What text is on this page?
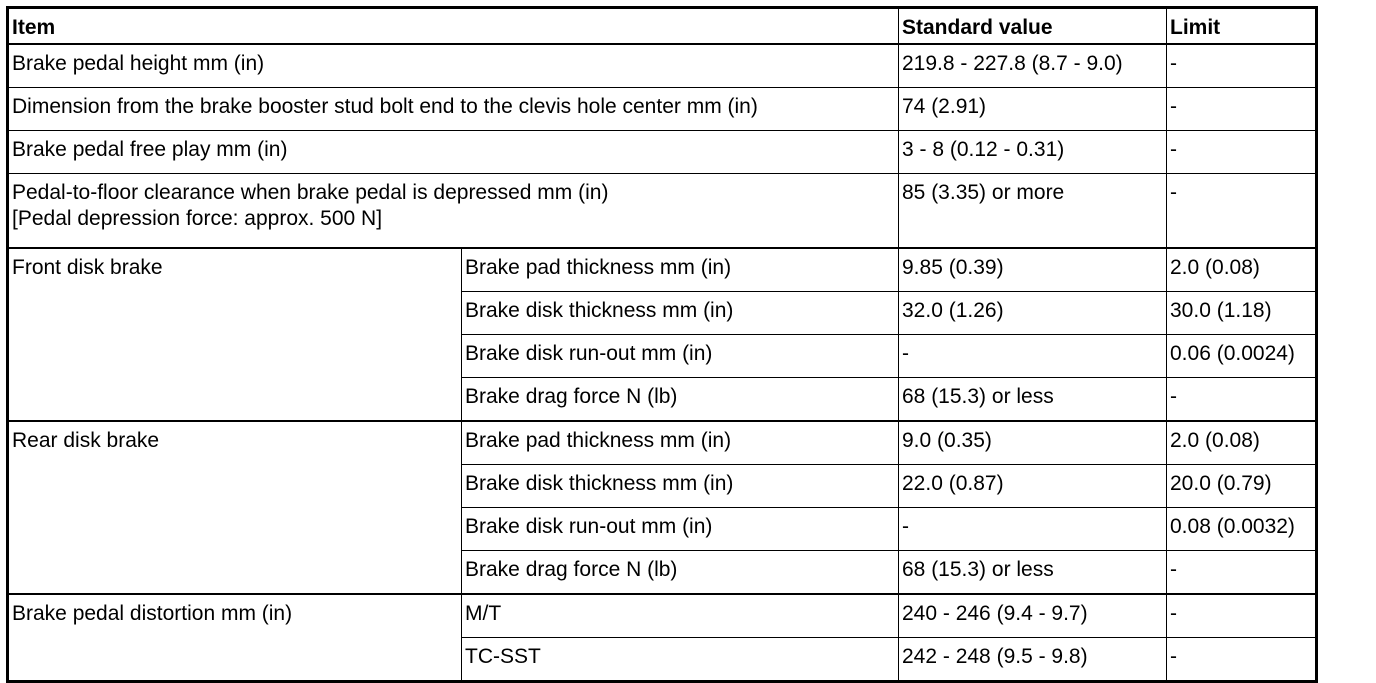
Item		Standard value	Limit
Brake pedal height mm (in)		219.8 - 227.8 (8.7 - 9.0)	-
Dimension from the brake booster stud bolt end to the clevis hole center mm (in)		74 (2.91)	-
Brake pedal free play mm (in)		3 - 8 (0.12 - 0.31)	-

Pedal-to-floor clearance when brake pedal is depressed mm (in)
[Pedal depression force: approx. 500 N]		85 (3.35) or more	-
Front disk brake	Brake pad thickness mm (in)	9.85 (0.39)	2.0 (0.08)
	Brake disk thickness mm (in)	32.0 (1.26)	30.0 (1.18)
	Brake disk run-out mm (in)	-	0.06 (0.0024)
	Brake drag force N (lb)	68 (15.3) or less	-
Rear disk brake	Brake pad thickness mm (in)	9.0 (0.35)	2.0 (0.08)
	Brake disk thickness mm (in)	22.0 (0.87)	20.0 (0.79)
	Brake disk run-out mm (in)	-	0.08 (0.0032)
	Brake drag force N (lb)	68 (15.3) or less	-
Brake pedal distortion mm (in)	M/T	240 - 246 (9.4 - 9.7)	-
	TC-SST	242 - 248 (9.5 - 9.8)	-
